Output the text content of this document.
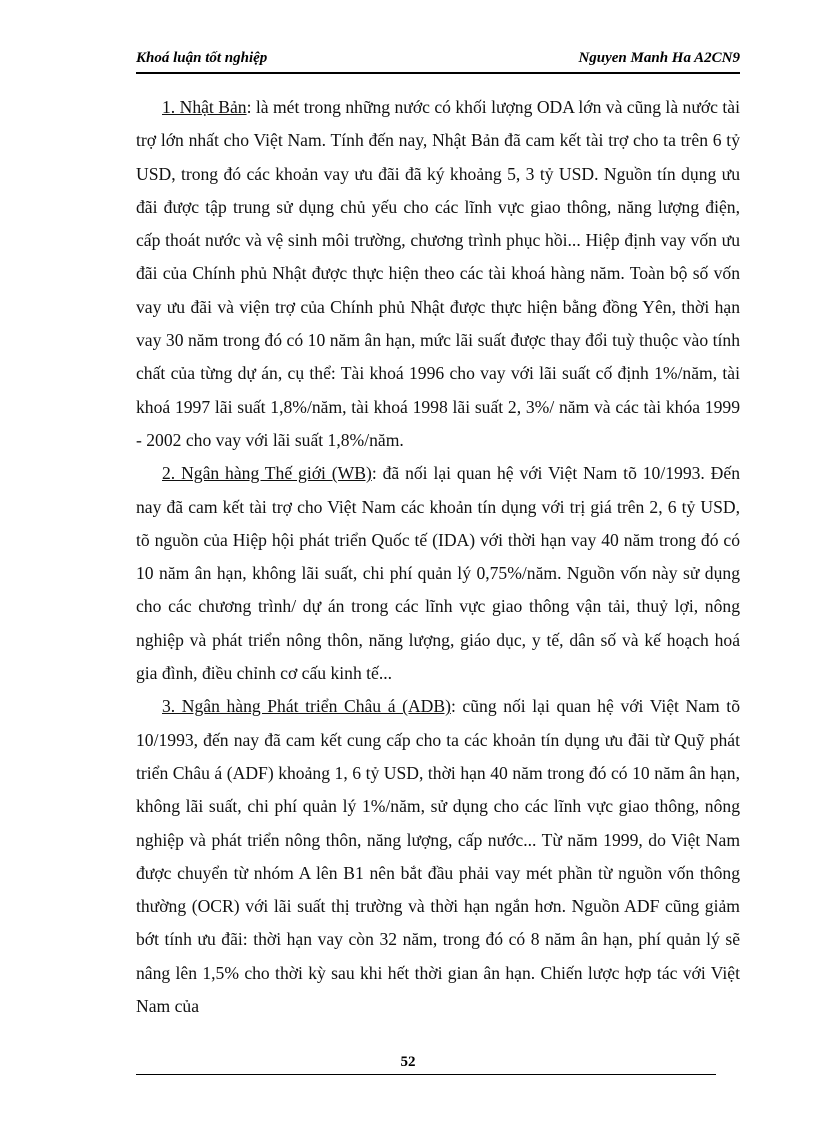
Khoá luận tốt nghiệp	Nguyen Manh Ha A2CN9

1. Nhật Bản: là mét trong những nước có khối lượng ODA lớn và cũng là nước tài trợ lớn nhất cho Việt Nam. Tính đến nay, Nhật Bản đã cam kết tài trợ cho ta trên 6 tỷ USD, trong đó các khoản vay ưu đãi đã ký khoảng 5, 3 tỷ USD. Nguồn tín dụng ưu đãi được tập trung sử dụng chủ yếu cho các lĩnh vực giao thông, năng lượng điện, cấp thoát nước và vệ sinh môi trường, chương trình phục hồi... Hiệp định vay vốn ưu đãi của Chính phủ Nhật được thực hiện theo các tài khoá hàng năm. Toàn bộ số vốn vay ưu đãi và viện trợ của Chính phủ Nhật được thực hiện bằng đồng Yên, thời hạn vay 30 năm trong đó có 10 năm ân hạn, mức lãi suất được thay đổi tuỳ thuộc vào tính chất của từng dự án, cụ thể: Tài khoá 1996 cho vay với lãi suất cố định 1%/năm, tài khoá 1997 lãi suất 1,8%/năm, tài khoá 1998 lãi suất 2, 3%/ năm và các tài khóa 1999 - 2002 cho vay với lãi suất 1,8%/năm.

2. Ngân hàng Thế giới (WB): đã nối lại quan hệ với Việt Nam tõ 10/1993. Đến nay đã cam kết tài trợ cho Việt Nam các khoản tín dụng với trị giá trên 2, 6 tỷ USD, tõ nguồn của Hiệp hội phát triển Quốc tế (IDA) với thời hạn vay 40 năm trong đó có 10 năm ân hạn, không lãi suất, chi phí quản lý 0,75%/năm. Nguồn vốn này sử dụng cho các chương trình/ dự án trong các lĩnh vực giao thông vận tải, thuỷ lợi, nông nghiệp và phát triển nông thôn, năng lượng, giáo dục, y tế, dân số và kế hoạch hoá gia đình, điều chỉnh cơ cấu kinh tế...

3. Ngân hàng Phát triển Châu á (ADB): cũng nối lại quan hệ với Việt Nam tõ 10/1993, đến nay đã cam kết cung cấp cho ta các khoản tín dụng ưu đãi từ Quỹ phát triển Châu á (ADF) khoảng 1, 6 tỷ USD, thời hạn 40 năm trong đó có 10 năm ân hạn, không lãi suất, chi phí quản lý 1%/năm, sử dụng cho các lĩnh vực giao thông, nông nghiệp và phát triển nông thôn, năng lượng, cấp nước... Từ năm 1999, do Việt Nam được chuyển từ nhóm A lên B1 nên bắt đầu phải vay mét phần từ nguồn vốn thông thường (OCR) với lãi suất thị trường và thời hạn ngắn hơn. Nguồn ADF cũng giảm bớt tính ưu đãi: thời hạn vay còn 32 năm, trong đó có 8 năm ân hạn, phí quản lý sẽ nâng lên 1,5% cho thời kỳ sau khi hết thời gian ân hạn. Chiến lược hợp tác với Việt Nam của

52
